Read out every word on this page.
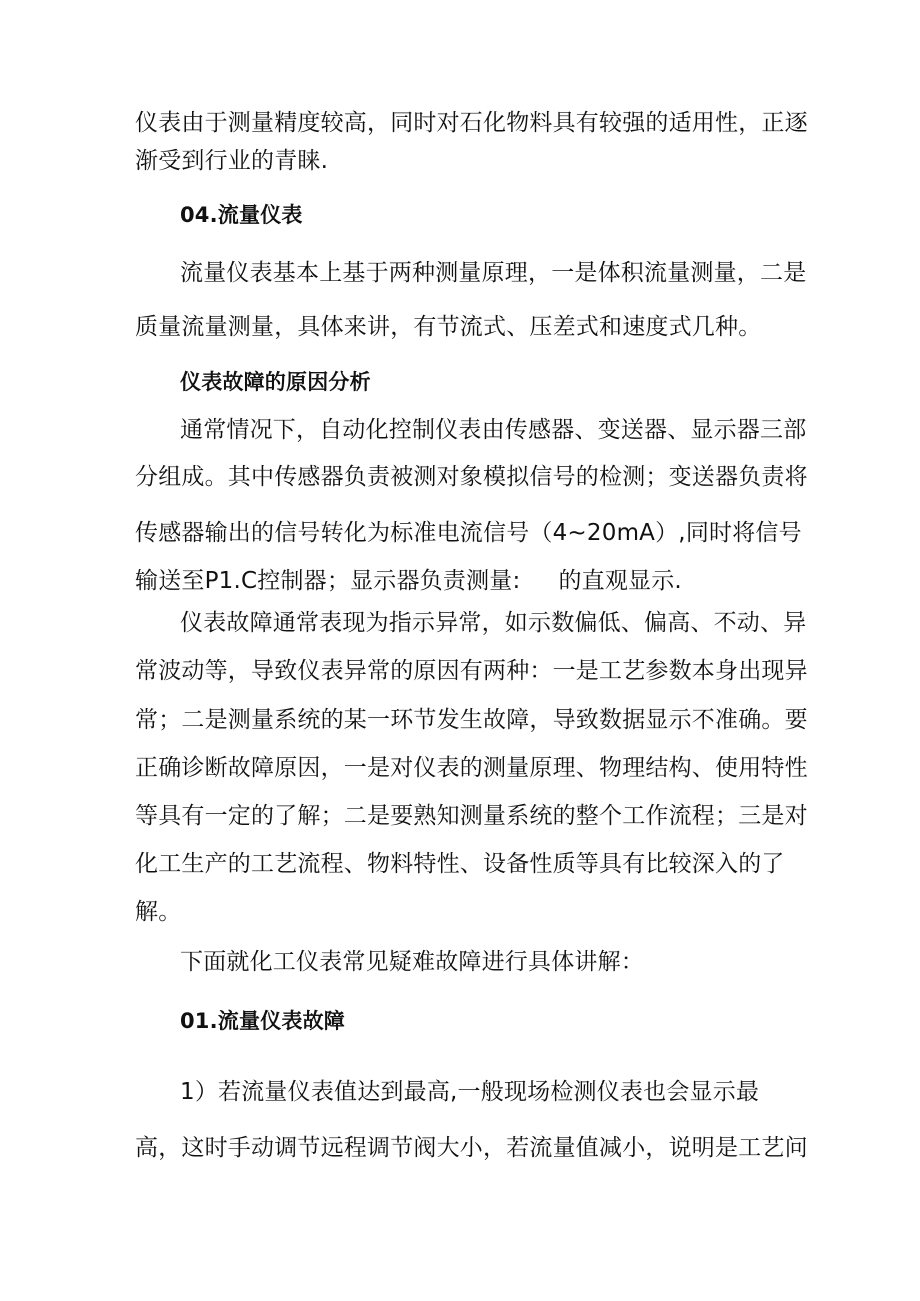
仪表由于测量精度较高，同时对石化物料具有较强的适用性，正逐
渐受到行业的青睐.
04.流量仪表
流量仪表基本上基于两种测量原理，一是体积流量测量，二是
质量流量测量，具体来讲，有节流式、压差式和速度式几种。
仪表故障的原因分析
通常情况下，自动化控制仪表由传感器、变送器、显示器三部
分组成。其中传感器负责被测对象模拟信号的检测；变送器负责将
传感器输出的信号转化为标准电流信号（4~20mA）,同时将信号
输送至P1.C控制器；显示器负责测量: 的直观显示.
仪表故障通常表现为指示异常，如示数偏低、偏高、不动、异
常波动等，导致仪表异常的原因有两种：一是工艺参数本身出现异
常；二是测量系统的某一环节发生故障，导致数据显示不准确。要
正确诊断故障原因，一是对仪表的测量原理、物理结构、使用特性
等具有一定的了解；二是要熟知测量系统的整个工作流程；三是对
化工生产的工艺流程、物料特性、设备性质等具有比较深入的了
解。
下面就化工仪表常见疑难故障进行具体讲解：
01.流量仪表故障
1）若流量仪表值达到最高,一般现场检测仪表也会显示最
高，这时手动调节远程调节阀大小，若流量值减小，说明是工艺问
